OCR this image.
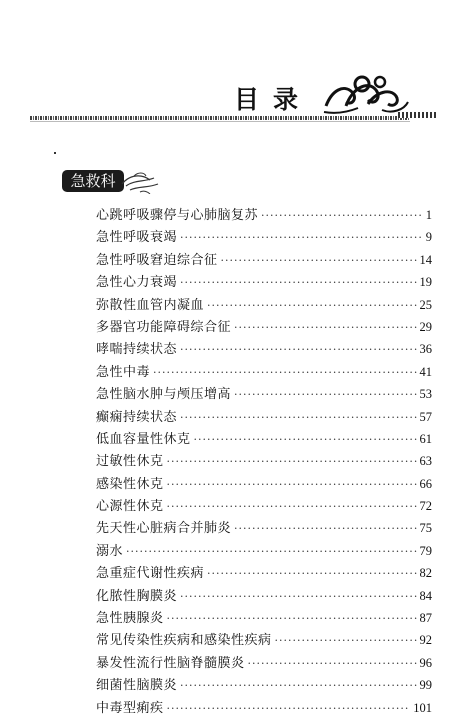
目录
急救科
心跳呼吸骤停与心肺脑复苏 ·····	1
急性呼吸衰竭 ·····	9
急性呼吸窘迫综合征 ·····	14
急性心力衰竭 ·····	19
弥散性血管内凝血 ·····	25
多器官功能障碍综合征 ·····	29
哮喘持续状态 ·····	36
急性中毒 ·····	41
急性脑水肿与颅压增高 ·····	53
癫痫持续状态 ·····	57
低血容量性休克 ·····	61
过敏性休克 ·····	63
感染性休克 ·····	66
心源性休克 ·····	72
先天性心脏病合并肺炎 ·····	75
溺水 ·····	79
急重症代谢性疾病 ·····	82
化脓性胸膜炎 ·····	84
急性胰腺炎 ·····	87
常见传染性疾病和感染性疾病 ·····	92
暴发性流行性脑脊髓膜炎 ·····	96
细菌性脑膜炎 ·····	99
中毒型痢疾 ·····	101
